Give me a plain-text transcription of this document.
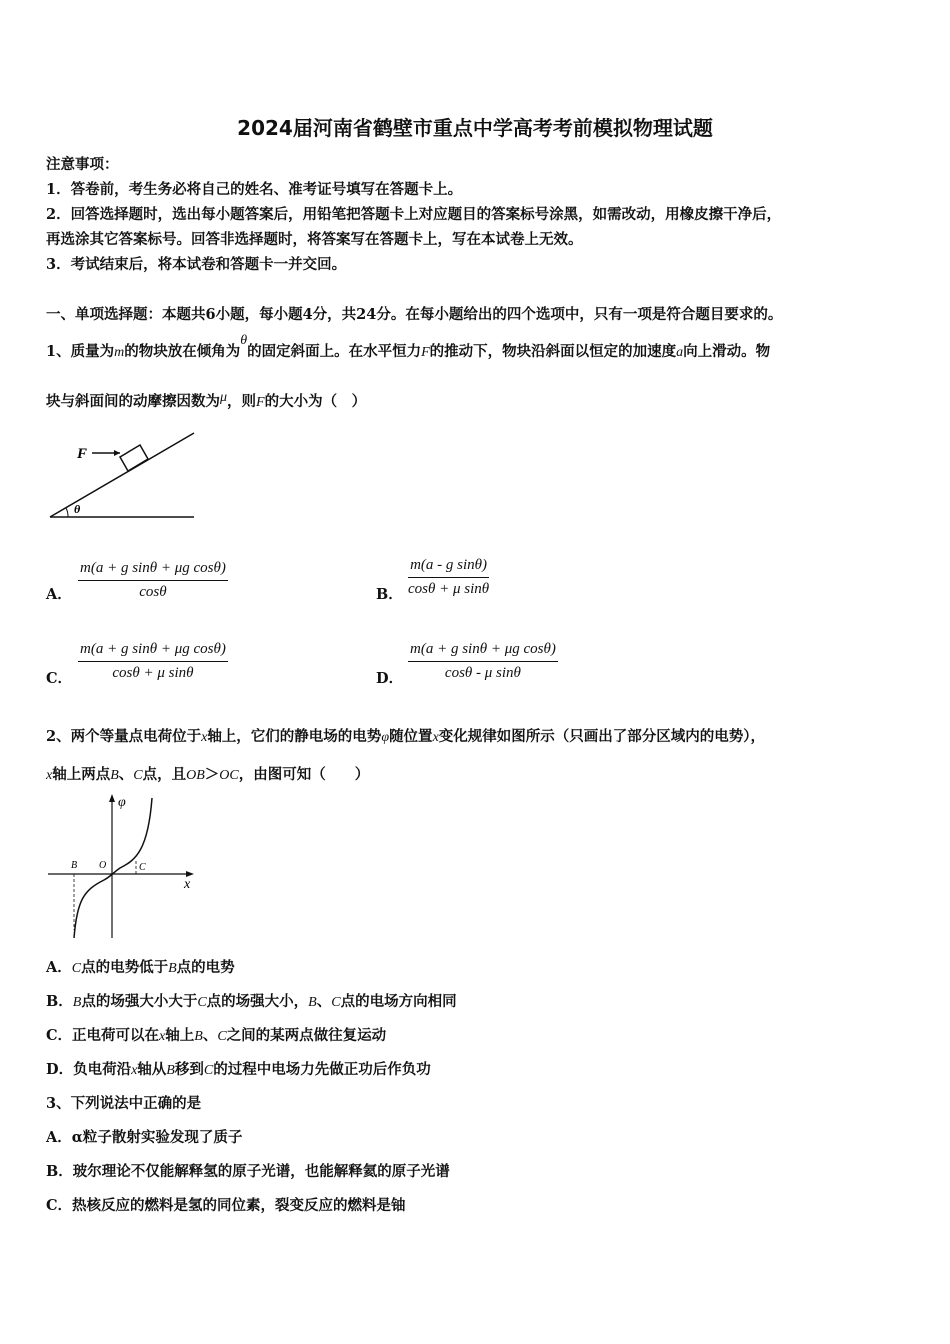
2024届河南省鹤壁市重点中学高考考前模拟物理试题
注意事项：
1．答卷前，考生务必将自己的姓名、准考证号填写在答题卡上。
2．回答选择题时，选出每小题答案后，用铅笔把答题卡上对应题目的答案标号涂黑，如需改动，用橡皮擦干净后，
再选涂其它答案标号。回答非选择题时，将答案写在答题卡上，写在本试卷上无效。
3．考试结束后，将本试卷和答题卡一并交回。
一、单项选择题：本题共6小题，每小题4分，共24分。在每小题给出的四个选项中，只有一项是符合题目要求的。
1、质量为m的物块放在倾角为θ的固定斜面上。在水平恒力F的推动下，物块沿斜面以恒定的加速度a向上滑动。物
块与斜面间的动摩擦因数为μ，则F的大小为（　）
F
θ
A． $\frac{\text{m(a + g sinθ + μg cosθ)}}{\cos\theta}$	B． $\frac{\text{m(a - g sinθ)}}{\text{cosθ + μ sinθ}}$
C． $\frac{\text{m(a + g sinθ + μg cosθ)}}{\text{cosθ + μ sinθ}}$	D． $\frac{\text{m(a + g sinθ + μg cosθ)}}{\text{cosθ - μ sinθ}}$
2、两个等量点电荷位于x轴上，它们的静电场的电势φ随位置x变化规律如图所示（只画出了部分区域内的电势），
x轴上两点B、C点，且OB＞OC，由图可知（　　）
φ
x
B O	C
A．C点的电势低于B点的电势
B．B点的场强大小大于C点的场强大小，B、C点的电场方向相同
C．正电荷可以在x轴上B、C之间的某两点做往复运动
D．负电荷沿x轴从B移到C的过程中电场力先做正功后作负功
3、下列说法中正确的是
A．α粒子散射实验发现了质子
B．玻尔理论不仅能解释氢的原子光谱，也能解释氦的原子光谱
C．热核反应的燃料是氢的同位素，裂变反应的燃料是铀
